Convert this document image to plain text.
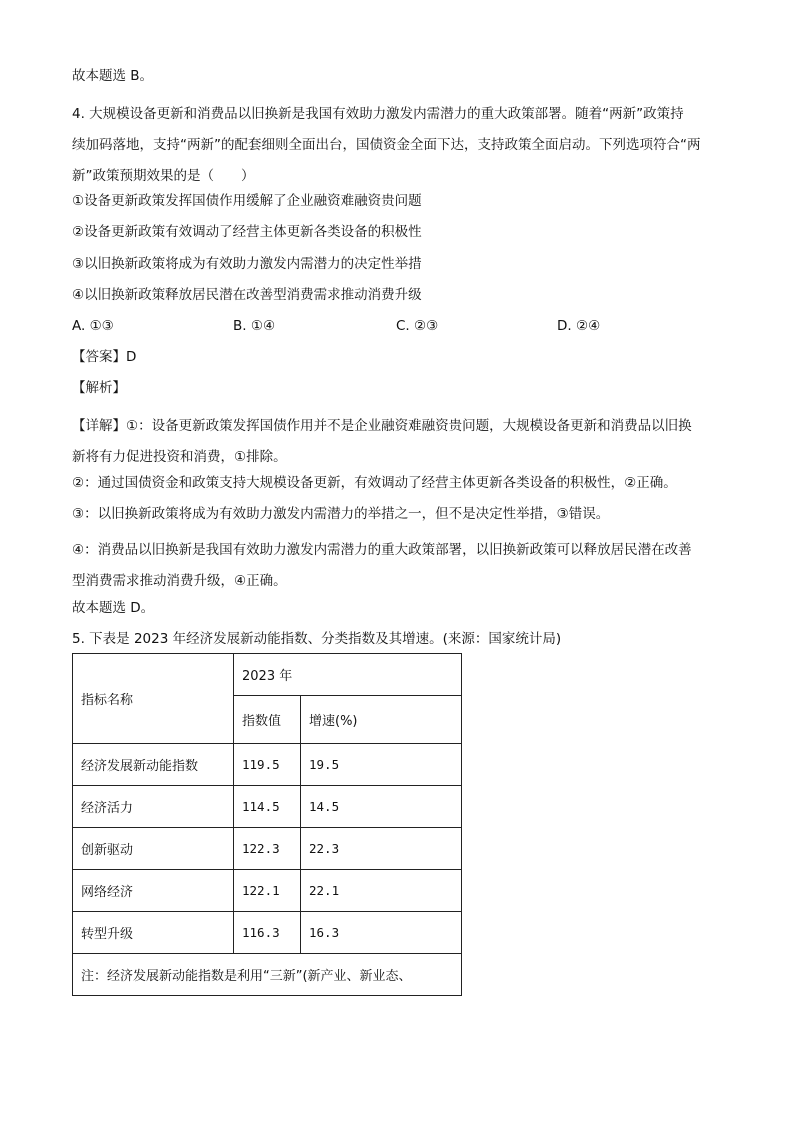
故本题选 B。
4. 大规模设备更新和消费品以旧换新是我国有效助力激发内需潜力的重大政策部署。随着“两新”政策持
续加码落地，支持“两新”的配套细则全面出台，国债资金全面下达，支持政策全面启动。下列选项符合“两
新”政策预期效果的是（　　）
①设备更新政策发挥国债作用缓解了企业融资难融资贵问题
②设备更新政策有效调动了经营主体更新各类设备的积极性
③以旧换新政策将成为有效助力激发内需潜力的决定性举措
④以旧换新政策释放居民潜在改善型消费需求推动消费升级
A. ①③	B. ①④	C. ②③	D. ②④
【答案】D
【解析】
【详解】①：设备更新政策发挥国债作用并不是企业融资难融资贵问题，大规模设备更新和消费品以旧换
新将有力促进投资和消费，①排除。
②：通过国债资金和政策支持大规模设备更新，有效调动了经营主体更新各类设备的积极性，②正确。
③：以旧换新政策将成为有效助力激发内需潜力的举措之一，但不是决定性举措，③错误。
④：消费品以旧换新是我国有效助力激发内需潜力的重大政策部署，以旧换新政策可以释放居民潜在改善
型消费需求推动消费升级，④正确。
故本题选 D。
5. 下表是 2023 年经济发展新动能指数、分类指数及其增速。(来源：国家统计局)
指标名称	2023 年	
	指数值	增速(%)
经济发展新动能指数	119.5	19.5
经济活力	114.5	14.5
创新驱动	122.3	22.3
网络经济	122.1	22.1
转型升级	116.3	16.3
注：经济发展新动能指数是利用“三新”(新产业、新业态、		
